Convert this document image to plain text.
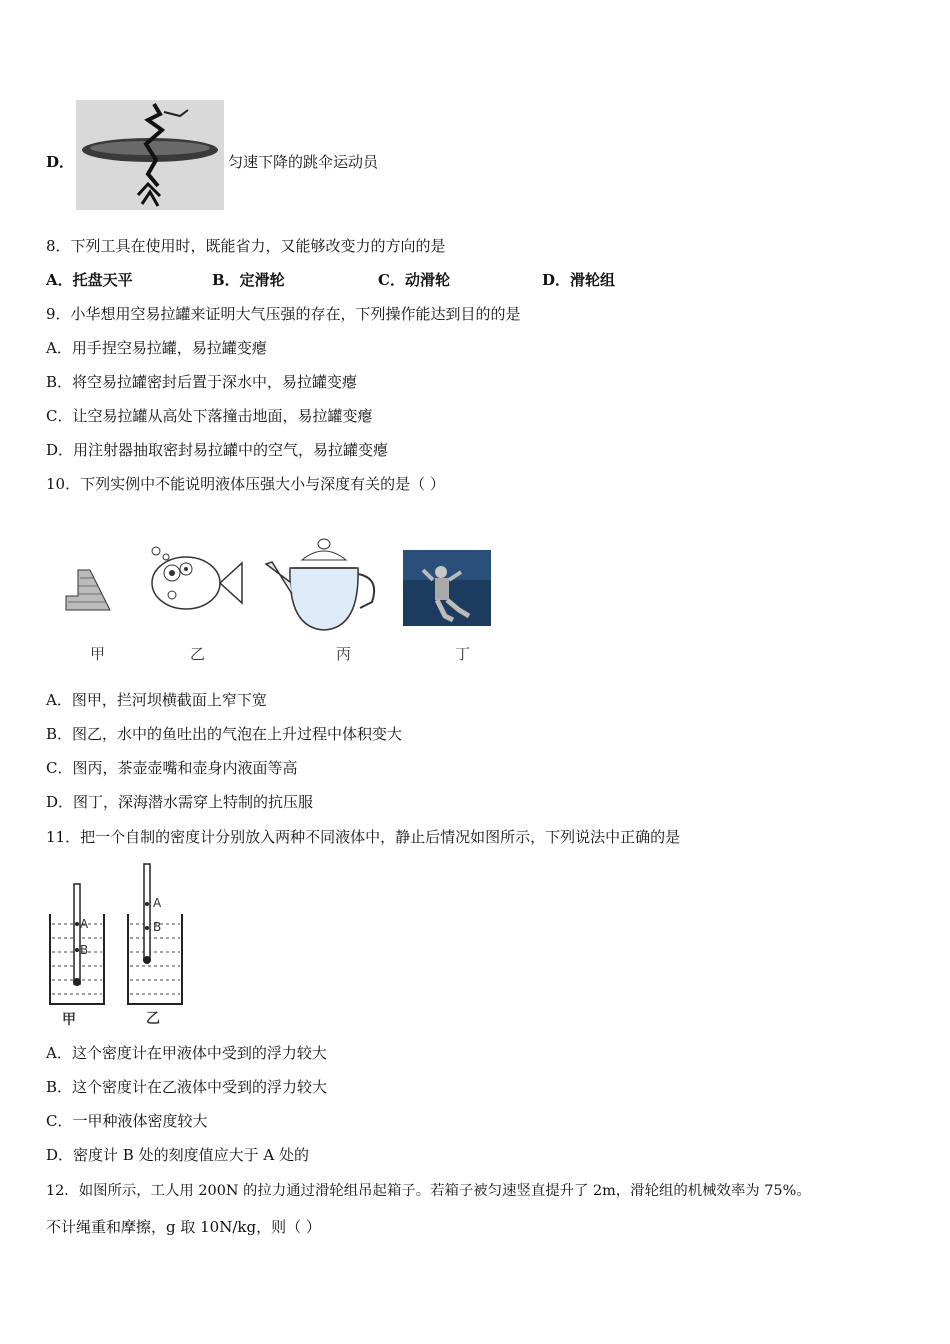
D．	匀速下降的跳伞运动员
8．下列工具在使用时，既能省力，又能够改变力的方向的是
A．托盘天平	B．定滑轮	C．动滑轮	D．滑轮组
9．小华想用空易拉罐来证明大气压强的存在，下列操作能达到目的的是
A．用手捏空易拉罐，易拉罐变瘪
B．将空易拉罐密封后置于深水中，易拉罐变瘪
C．让空易拉罐从高处下落撞击地面，易拉罐变瘪
D．用注射器抽取密封易拉罐中的空气，易拉罐变瘪
10．下列实例中不能说明液体压强大小与深度有关的是（ ）
甲	乙	丙	丁
A．图甲，拦河坝横截面上窄下宽
B．图乙，水中的鱼吐出的气泡在上升过程中体积变大
C．图丙，茶壶壶嘴和壶身内液面等高
D．图丁，深海潜水需穿上特制的抗压服
11．把一个自制的密度计分别放入两种不同液体中，静止后情况如图所示，下列说法中正确的是
A
B
A
B
甲	乙
A．这个密度计在甲液体中受到的浮力较大
B．这个密度计在乙液体中受到的浮力较大
C．一甲种液体密度较大
D．密度计 B 处的刻度值应大于 A 处的
12．如图所示，工人用 200N 的拉力通过滑轮组吊起箱子。若箱子被匀速竖直提升了 2m，滑轮组的机械效率为 75%。
不计绳重和摩擦，g 取 10N/kg，则（ ）
